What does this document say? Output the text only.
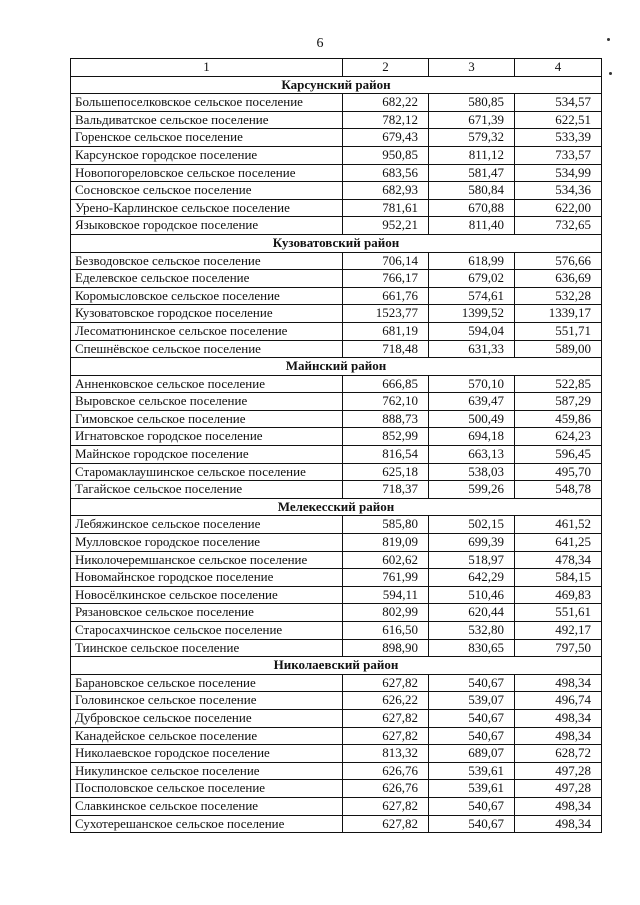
6
1	2	3	4
Карсунский район			
Большепоселковское сельское поселение	682,22	580,85	534,57
Вальдиватское сельское поселение	782,12	671,39	622,51
Горенское сельское поселение	679,43	579,32	533,39
Карсунское городское поселение	950,85	811,12	733,57
Новопогореловское сельское поселение	683,56	581,47	534,99
Сосновское сельское поселение	682,93	580,84	534,36
Урено-Карлинское сельское поселение	781,61	670,88	622,00
Языковское городское поселение	952,21	811,40	732,65
Кузоватовский район			
Безводовское сельское поселение	706,14	618,99	576,66
Еделевское сельское поселение	766,17	679,02	636,69
Коромысловское сельское поселение	661,76	574,61	532,28
Кузоватовское городское поселение	1523,77	1399,52	1339,17
Лесоматюнинское сельское поселение	681,19	594,04	551,71
Спешнёвское сельское поселение	718,48	631,33	589,00
Майнский район			
Анненковское сельское поселение	666,85	570,10	522,85
Выровское сельское поселение	762,10	639,47	587,29
Гимовское сельское поселение	888,73	500,49	459,86
Игнатовское городское поселение	852,99	694,18	624,23
Майнское городское поселение	816,54	663,13	596,45
Старомаклаушинское сельское поселение	625,18	538,03	495,70
Тагайское сельское поселение	718,37	599,26	548,78
Мелекесский район			
Лебяжинское сельское поселение	585,80	502,15	461,52
Мулловское городское поселение	819,09	699,39	641,25
Николочеремшанское сельское поселение	602,62	518,97	478,34
Новомайнское городское поселение	761,99	642,29	584,15
Новосёлкинское сельское поселение	594,11	510,46	469,83
Рязановское сельское поселение	802,99	620,44	551,61
Старосахчинское сельское поселение	616,50	532,80	492,17
Тиинское сельское поселение	898,90	830,65	797,50
Николаевский район			
Барановское сельское поселение	627,82	540,67	498,34
Головинское сельское поселение	626,22	539,07	496,74
Дубровское сельское поселение	627,82	540,67	498,34
Канадейское сельское поселение	627,82	540,67	498,34
Николаевское городское поселение	813,32	689,07	628,72
Никулинское сельское поселение	626,76	539,61	497,28
Посполовское сельское поселение	626,76	539,61	497,28
Славкинское сельское поселение	627,82	540,67	498,34
Сухотерешанское сельское поселение	627,82	540,67	498,34
